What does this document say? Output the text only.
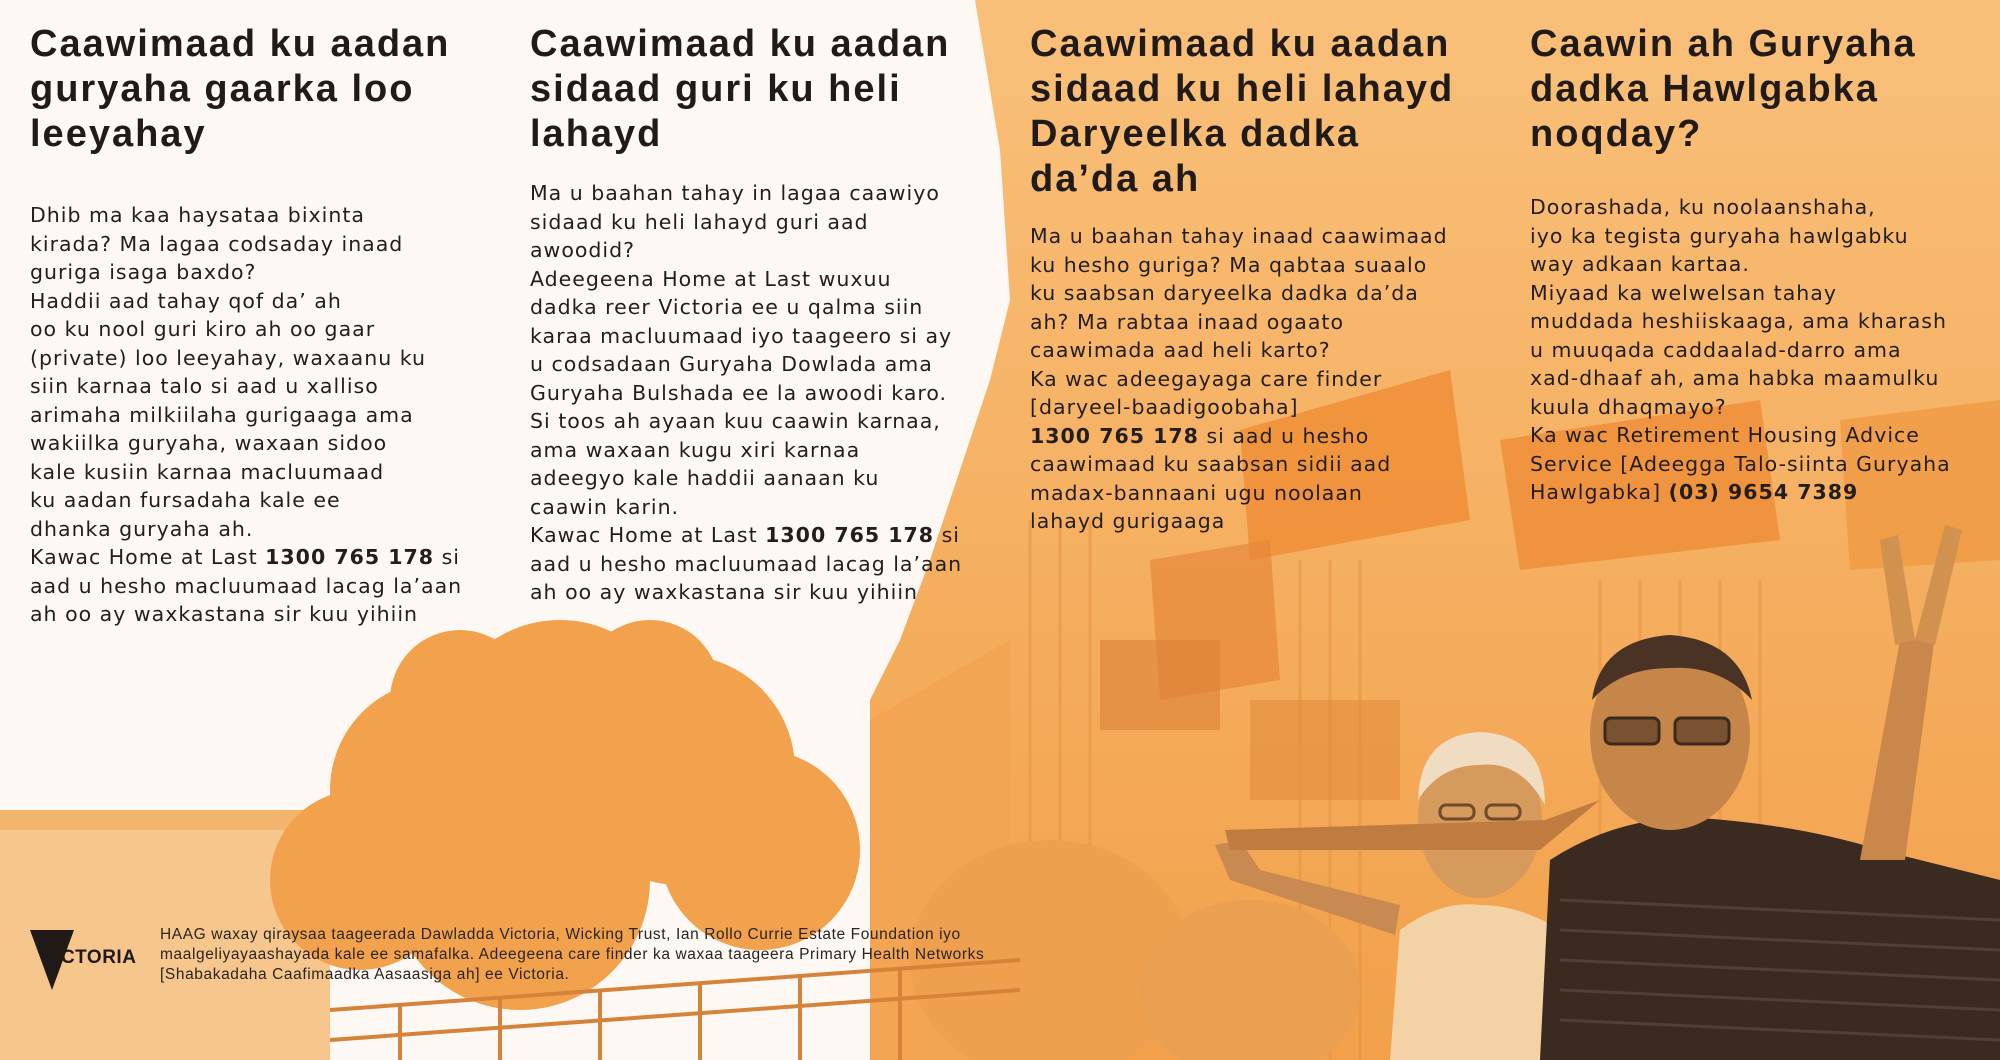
Caawimaad ku aadan guryaha gaarka loo leeyahay

Dhib ma kaa haysataa bixinta
kirada? Ma lagaa codsaday inaad
guriga isaga baxdo?
Haddii aad tahay qof da’ ah
oo ku nool guri kiro ah oo gaar
(private) loo leeyahay, waxaanu ku
siin karnaa talo si aad u xalliso
arimaha milkiilaha gurigaaga ama
wakiilka guryaha, waxaan sidoo
kale kusiin karnaa macluumaad
ku aadan fursadaha kale ee
dhanka guryaha ah.
Kawac Home at Last 1300 765 178 si
aad u hesho macluumaad lacag la’aan
ah oo ay waxkastana sir kuu yihiin

Caawimaad ku aadan sidaad guri ku heli lahayd

Ma u baahan tahay in lagaa caawiyo
sidaad ku heli lahayd guri aad
awoodid?
Adeegeena Home at Last wuxuu
dadka reer Victoria ee u qalma siin
karaa macluumaad iyo taageero si ay
u codsadaan Guryaha Dowlada ama
Guryaha Bulshada ee la awoodi karo.
Si toos ah ayaan kuu caawin karnaa,
ama waxaan kugu xiri karnaa
adeegyo kale haddii aanaan ku
caawin karin.
Kawac Home at Last 1300 765 178 si
aad u hesho macluumaad lacag la’aan
ah oo ay waxkastana sir kuu yihiin

Caawimaad ku aadan sidaad ku heli lahayd Daryeelka dadka da’da ah

Ma u baahan tahay inaad caawimaad
ku hesho guriga? Ma qabtaa suaalo
ku saabsan daryeelka dadka da’da
ah? Ma rabtaa inaad ogaato
caawimada aad heli karto?
Ka wac adeegayaga care finder
[daryeel-baadigoobaha]
1300 765 178 si aad u hesho
caawimaad ku saabsan sidii aad
madax-bannaani ugu noolaan
lahayd gurigaaga

Caawin ah Guryaha dadka Hawlgabka noqday?

Doorashada, ku noolaanshaha,
iyo ka tegista guryaha hawlgabku
way adkaan kartaa.
Miyaad ka welwelsan tahay
muddada heshiiskaaga, ama kharash
u muuqada caddaalad-darro ama
xad-dhaaf ah, ama habka maamulku
kuula dhaqmayo?
Ka wac Retirement Housing Advice
Service [Adeegga Talo-siinta Guryaha
Hawlgabka] (03) 9654 7389

VICTORIA

HAAG waxay qiraysaa taageerada Dawladda Victoria, Wicking Trust, Ian Rollo Currie Estate Foundation iyo maalgeliyayaashayada kale ee samafalka. Adeegeena care finder ka waxaa taageera Primary Health Networks [Shabakadaha Caafimaadka Aasaasiga ah] ee Victoria.
